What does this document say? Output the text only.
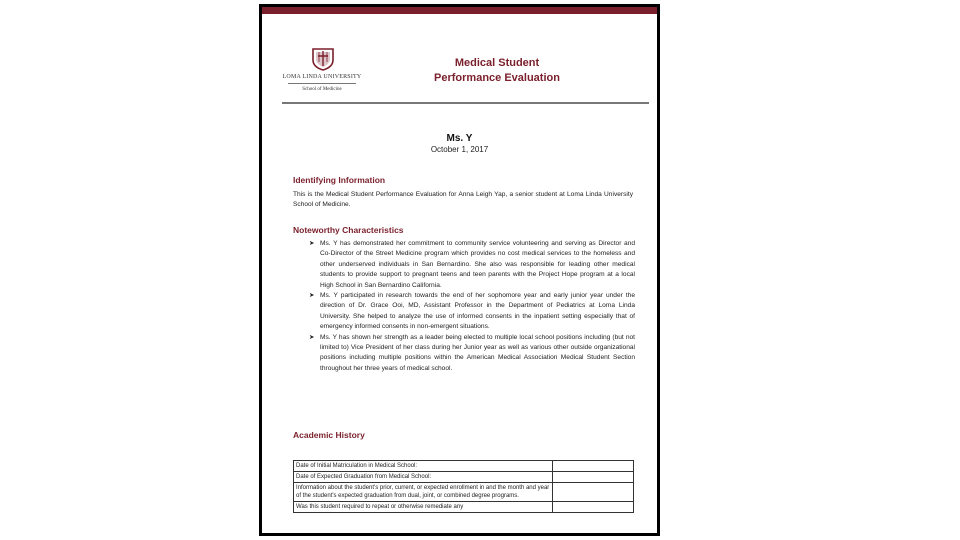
LOMA LINDA UNIVERSITY
School of Medicine
Medical Student
Performance Evaluation
Ms. Y
October 1, 2017
Identifying Information
This is the Medical Student Performance Evaluation for Anna Leigh Yap, a senior student at Loma Linda University School of Medicine.
Noteworthy Characteristics
➤ Ms. Y has demonstrated her commitment to community service volunteering and serving as Director and Co-Director of the Street Medicine program which provides no cost medical services to the homeless and other underserved individuals in San Bernardino. She also was responsible for leading other medical students to provide support to pregnant teens and teen parents with the Project Hope program at a local High School in San Bernardino California.
➤ Ms. Y participated in research towards the end of her sophomore year and early junior year under the direction of Dr. Grace Ooi, MD, Assistant Professor in the Department of Pediatrics at Loma Linda University. She helped to analyze the use of informed consents in the inpatient setting especially that of emergency informed consents in non-emergent situations.
➤ Ms. Y has shown her strength as a leader being elected to multiple local school positions including (but not limited to) Vice President of her class during her Junior year as well as various other outside organizational positions including multiple positions within the American Medical Association Medical Student Section throughout her three years of medical school.
Academic History
Date of Initial Matriculation in Medical School:	
Date of Expected Graduation from Medical School:	
Information about the student's prior, current, or expected enrollment in and the month and year of the student's expected graduation from dual, joint, or combined degree programs.	
Was this student required to repeat or otherwise remediate any	
